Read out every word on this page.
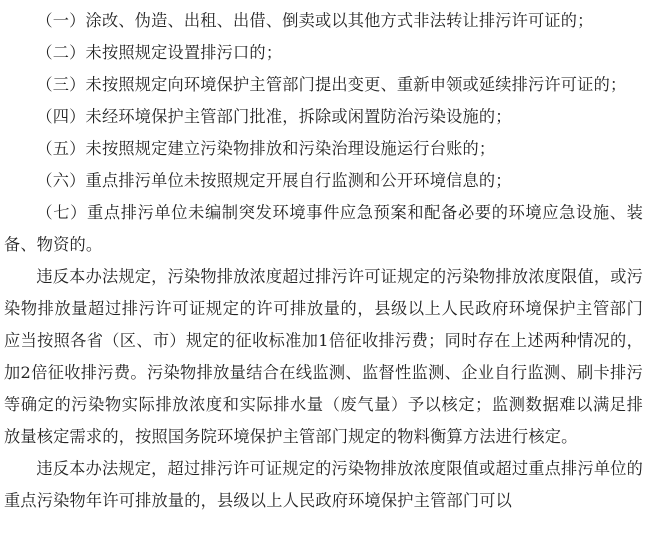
（一）涂改、伪造、出租、出借、倒卖或以其他方式非法转让排污许可证的；

（二）未按照规定设置排污口的；

（三）未按照规定向环境保护主管部门提出变更、重新申领或延续排污许可证的；

（四）未经环境保护主管部门批准，拆除或闲置防治污染设施的；

（五）未按照规定建立污染物排放和污染治理设施运行台账的；

（六）重点排污单位未按照规定开展自行监测和公开环境信息的；

（七）重点排污单位未编制突发环境事件应急预案和配备必要的环境应急设施、装备、物资的。

违反本办法规定，污染物排放浓度超过排污许可证规定的污染物排放浓度限值，或污染物排放量超过排污许可证规定的许可排放量的，县级以上人民政府环境保护主管部门应当按照各省（区、市）规定的征收标准加1倍征收排污费；同时存在上述两种情况的，加2倍征收排污费。污染物排放量结合在线监测、监督性监测、企业自行监测、刷卡排污等确定的污染物实际排放浓度和实际排水量（废气量）予以核定；监测数据难以满足排放量核定需求的，按照国务院环境保护主管部门规定的物料衡算方法进行核定。

违反本办法规定，超过排污许可证规定的污染物排放浓度限值或超过重点排污单位的重点污染物年许可排放量的，县级以上人民政府环境保护主管部门可以
